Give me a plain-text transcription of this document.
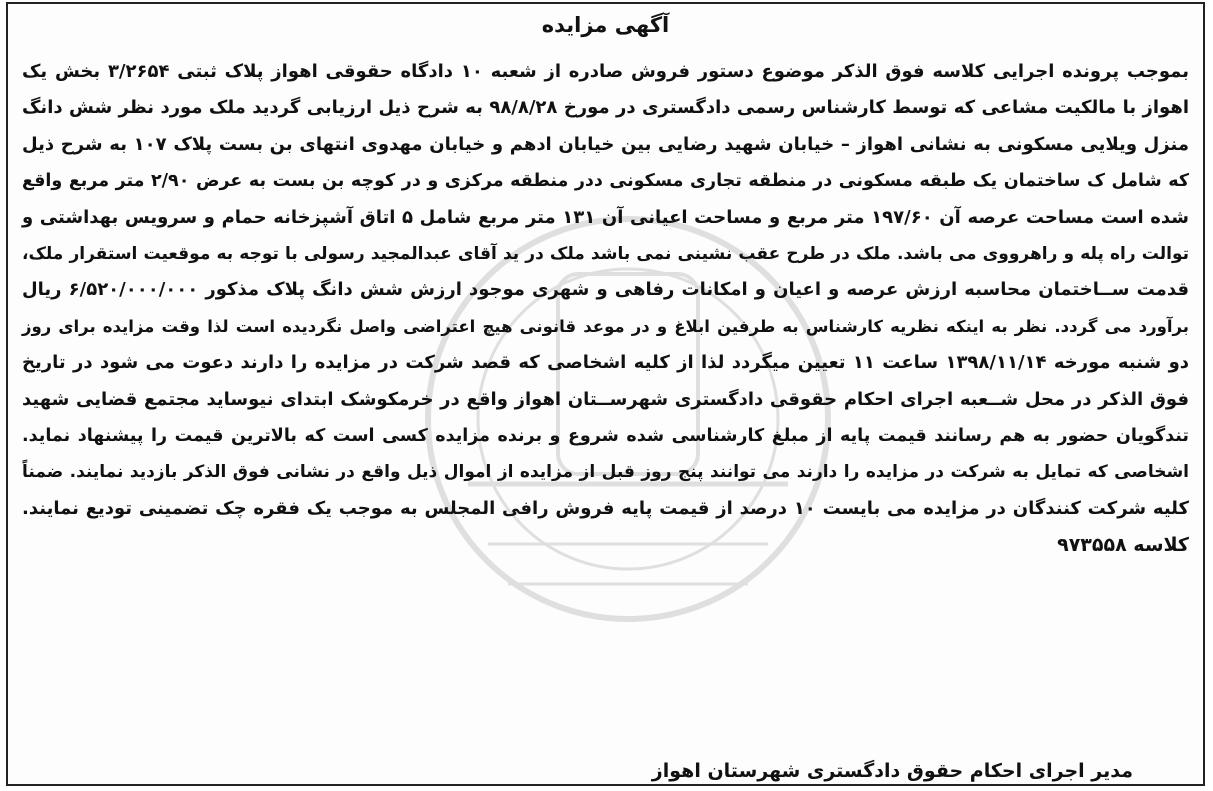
آگهی مزایده
بموجب پرونده اجرایی کلاسه فوق الذکر موضوع دستور فروش صادره از شعبه ۱۰ دادگاه حقوقی اهواز پلاک ثبتی ۳/۲۶۵۴ بخش یک
اهواز با مالکیت مشاعی که توسط کارشناس رسمی دادگستری در مورخ ۹۸/۸/۲۸ به شرح ذیل ارزیابی گردید ملک مورد نظر شش دانگ
منزل ویلایی مسکونی به نشانی اهواز – خیابان شهید رضایی بین خیابان ادهم و خیابان مهدوی انتهای بن بست پلاک ۱۰۷ به شرح ذیل
که شامل ک ساختمان یک طبقه مسکونی در منطقه تجاری مسکونی ددر منطقه مرکزی و در کوچه بن بست به عرض ۲/۹۰ متر مربع واقع
شده است مساحت عرصه آن ۱۹۷/۶۰ متر مربع و مساحت اعیانی آن ۱۳۱ متر مربع شامل ۵ اتاق آشپزخانه حمام و سرویس بهداشتی و
توالت راه پله و راهرووی می باشد. ملک در طرح عقب نشینی نمی باشد ملک در ید آقای عبدالمجید رسولی با توجه به موقعیت استقرار ملک،
قدمت ســاختمان محاسبه ارزش عرصه و اعیان و امکانات رفاهی و شهری موجود ارزش شش دانگ پلاک مذکور ۶/۵۲۰/۰۰۰/۰۰۰ ریال
برآورد می گردد. نظر به اینکه نظریه کارشناس به طرفین ابلاغ و در موعد قانونی هیچ اعتراضی واصل نگردیده است لذا وقت مزایده برای روز
دو شنبه مورخه ۱۳۹۸/۱۱/۱۴ ساعت ۱۱ تعیین میگردد لذا از کلیه اشخاصی که قصد شرکت در مزایده را دارند دعوت می شود در تاریخ
فوق الذکر در محل شــعبه اجرای احکام حقوقی دادگستری شهرســتان اهواز واقع در خرمکوشک ابتدای نیوساید مجتمع قضایی شهید
تندگویان حضور به هم رسانند قیمت پایه از مبلغ کارشناسی شده شروع و برنده مزایده کسی است که بالاترین قیمت را پیشنهاد نماید.
اشخاصی که تمایل به شرکت در مزایده را دارند می توانند پنج روز قبل از مزایده از اموال ذیل واقع در نشانی فوق الذکر بازدید نمایند. ضمناً
کلیه شرکت کنندگان در مزایده می بایست ۱۰ درصد از قیمت پایه فروش رافی المجلس به موجب یک فقره چک تضمینی تودیع نمایند.
کلاسه ۹۷۳۵۵۸
مدیر اجرای احکام حقوق دادگستری شهرستان اهواز
